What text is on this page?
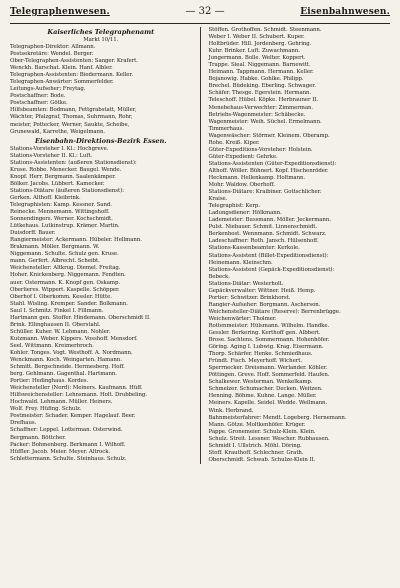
Telegraphenwesen.	— 32 —	Eisenbahnwesen.
Kaiserliches Telegraphenamt
Markt 10/11.

Telegraphen-Direktor: Allmann.

Postsekretäre: Wendel. Berger.

Ober-Telegraphen-Assistenten: Sanger. Krafert.

Wenckh. Barschat. Klein. Hanf. Albler.

Telegraphen-Assistenten: Biedermann. Keller.

Telegraphen-Anwärter: Sommerfelder.

Leitungs-Aufseher: Freytag.

Postschaffner: Bode.

Postschaffner: Götke.

Hilfsbeamten: Bodmann, Fettgrabstatt, Müller,

Wächter, Pfalzgraf, Thomas, Suhrmann, Rohr,

meister, Pottecker, Werner, Saukte, Scheibe,

Grunewald, Karrethe, Weigelmann.

Eisenbahn-Direktions-Bezirk Essen.

Stations-Vorsteher I. Kl.: Hochgreve.

Stations-Vorsteher II. Kl.: Luft.

Stations-Assistenten: (außeren Stationsdienst):

Kruse. Robbe. Menecker. Baugel. Wende.

Knopf. Herr. Bergmann. Saalenkämper.

Bölker. Jacobs. Lübbert. Kamecker.

Stations-Diätare (äußeren Stationsdienst):

Gerken. Althoff. Kleibrink.

Telegraphisten: Kamp. Kessner. Sand.

Reinecke. Mennemann. Wittingshoff.

Sonnendingers. Werner. Kochschmidt.

Lütkehaus. Lutkinstrup. Krämer. Martin.

Duisdorff. Bauer.

Rangiermeister: Ackermann. Hübeler. Hellmann.

Brakmann. Möller. Bergmann. W.

Niggemann. Schulte. Schulz gen. Kruse.

mann. Gerfert. Albrecht. Scheibt.

Weichensteller: Altkrug. Diemel. Freitag.

Hoher. Knickenberg. Niggemann. Fendten.

auer. Ostermann. K. Knopf gen. Oskamp.

Oberlieres. Wippert. Kaspelle. Schöpper.

Oberhof I. Oberkomm. Kessler. Hütte.

Stahl. Wisling. Kremper. Sander. Bolkmann.

Saul I. Schmitz. Finkel I. Fillmann.

Hartmann gen. Stoffer. Hindemann. Oberschmidt II.

Brink. Ellinghausen II. Oberstahl.

Schüller. Kuher. W. Lehmann. Nohler.

Kutzmann. Weber. Kippers. Vosshoff. Mensdorf.

Seel. Wittmann. Kreimerbroch.

Kohler. Tonges. Vogt. Westhoff. A. Nordmann.

Wenckmann. Koch. Weingarten. Hamann.

Schmitt. Bergschneide. Hermesberg. Hoff.

berg. Gehlmann. Gagenthal. Hartmann.

Portier: Hedinghaus. Kordes.

Weichensteller (Nord): Meiners. Kaufmann. Hüff.

Hilfsweichensteller: Lehnsmann. Holt. Drubbeling.

Hochwald. Lehmann. Müller. Heiners.

Wolf. Frey. Hüfing. Schulz.

Postmeister: Schader. Kemper. Hagelauf. Beer.

Drefhaus.

Schaffner: Leppel. Lotterman. Osterwind.

Bergmann. Böttcher.

Packer: Bohmenberg. Berkmann I. Wilhoff.

Hüffler. Jacob. Meier. Meyer. Altrock.

Schlettermann. Schulte. Steinhaus. Schulz.

Stöffen. Grothoffen. Schmidt. Steenmann.

Weber I. Weber II. Schubert. Kuper.

Holtbrüder. Hill. Jordenberg. Gehring.

Kuhr. Brinker. Luft. Zuwachmann.

Jungermann. Bolle. Welter. Koppert.

Trappe. Sieal. Niggemann. Barnewitt.

Heimann. Tappmann. Hermann. Keller.

Bojanowig. Habke. Gohlke. Philipp.

Brechel. Büdeking. Eberling. Schwager.

Schäfer. Thesge. Egerstein. Hermann.

Teleschoff. Hübel. Köpke. Herbrauner II.

Menebehaus-Verwechter: Zimmerman.

Betriebs-Wagenmeister: Schäbecke.

Wagenmeister: Weih. Süchel. Ermelmann.

Timmerhaus.

Wagenwäscher: Störmer. Kleinem. Oberamp.

Rohe. Kreiß. Kiper.

Güter-Expeditions-Vorsteher: Holstein.

Güter-Expedient: Gehrke.

Stations-Assistenten (Güter-Expeditionsdienst):

Althoff. Wöller. Bühnert. Kopf. Hischenröder.

Heckmann. Hellenkamp. Holtmann.

Mohr. Waldow. Oberhoff.

Stations-Diätare: Kraibiner. Gottschlicher.

Kraise.

Telegraphist: Kerp.

Ladungsdiener: Hölkmann.

Lademeister: Bussmann. Möller. Jeckermann.

Pulst. Niebauer. Schmit. Linnenschmidt.

Berkenhost. Wennmann. Schmidt. Schwarz.

Ladeschaffner: Roth. Jansch. Hülsenhoff.

Stations-Kassenbeamter: Kerkole.

Stations-Assistent (Billet-Expeditionsdienst):

Heinemann. Kleinschm.

Stations-Assistent (Gepäck-Expeditionsdienst):

Bebeck.

Stations-Diätar: Westerholt.

Gepäckverwalter: Wittner. Heiß. Hemp.

Portier: Schwitzer. Brinkhorst.

Rangier-Aufseher: Borgmann. Ascherson.

Weichensteller-Diätare (Reserve): Berrenbrügge.

Weichenwärter: Tholmer.

Rottenmeister: Hülsmann. Wilhelm. Handke.

Gessler. Berkering. Kerthoff gen. Albbert.

Brose. Sachtens. Sommermann. Hohenhöfer.

Göring. Aging I. Lubwig. Krag. Eisermann.

Thorp. Schärfer. Henke. Schmiedhaus.

Fründt. Fisch. Meyerhoff. Wichert.

Sperrnecker. Dreismann. Werlander. Köhler.

Pöttingen. Greve. Hoff. Sommerfeld. Haufen.

Schalkewer. Westerman. Wenkelkamp.

Schmelzer. Schumacher. Decken. Weitzen.

Henning. Böhme. Kuhne. Lange. Müller.

Meiners. Kapelle. Seidel. Wedde. Wellmann.

Wink. Herbrand.

Bahnmeisterfahrer: Mendt. Logeberg. Hernemann.

Mann. Götze. Moltkenhöfer. Krüger.

Pappe. Gronemeier. Schulz-Klein. Klein.

Schulz. Streit. Lessner. Wescher. Rubhausen.

Schmidt I. Ullstrich. Möhl. Döring.

Stoff. Krauthoff. Schlechner. Grath.

Oberschmidt. Schwab. Schulze-Klein II.
